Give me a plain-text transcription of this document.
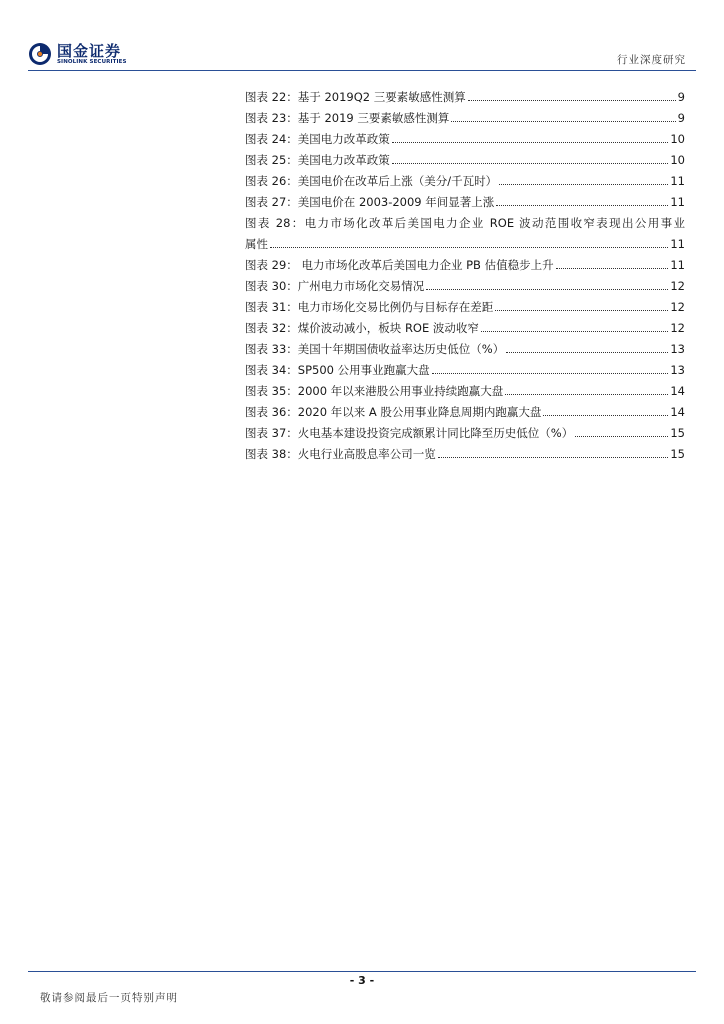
国金证券
SINOLINK SECURITIES	行业深度研究
图表 22：基于 2019Q2 三要素敏感性测算	9
图表 23：基于 2019 三要素敏感性测算	9
图表 24：美国电力改革政策	10
图表 25：美国电力改革政策	10
图表 26：美国电价在改革后上涨（美分/千瓦时）	11
图表 27：美国电价在 2003-2009 年间显著上涨	11
图表 28：电力市场化改革后美国电力企业 ROE 波动范围收窄表现出公用事业
属性	11
图表 29： 电力市场化改革后美国电力企业 PB 估值稳步上升	11
图表 30：广州电力市场化交易情况	12
图表 31：电力市场化交易比例仍与目标存在差距	12
图表 32：煤价波动减小，板块 ROE 波动收窄	12
图表 33：美国十年期国债收益率达历史低位（%）	13
图表 34：SP500 公用事业跑赢大盘	13
图表 35：2000 年以来港股公用事业持续跑赢大盘	14
图表 36：2020 年以来 A 股公用事业降息周期内跑赢大盘	14
图表 37：火电基本建设投资完成额累计同比降至历史低位（%）	15
图表 38：火电行业高股息率公司一览	15
- 3 -
敬请参阅最后一页特别声明
